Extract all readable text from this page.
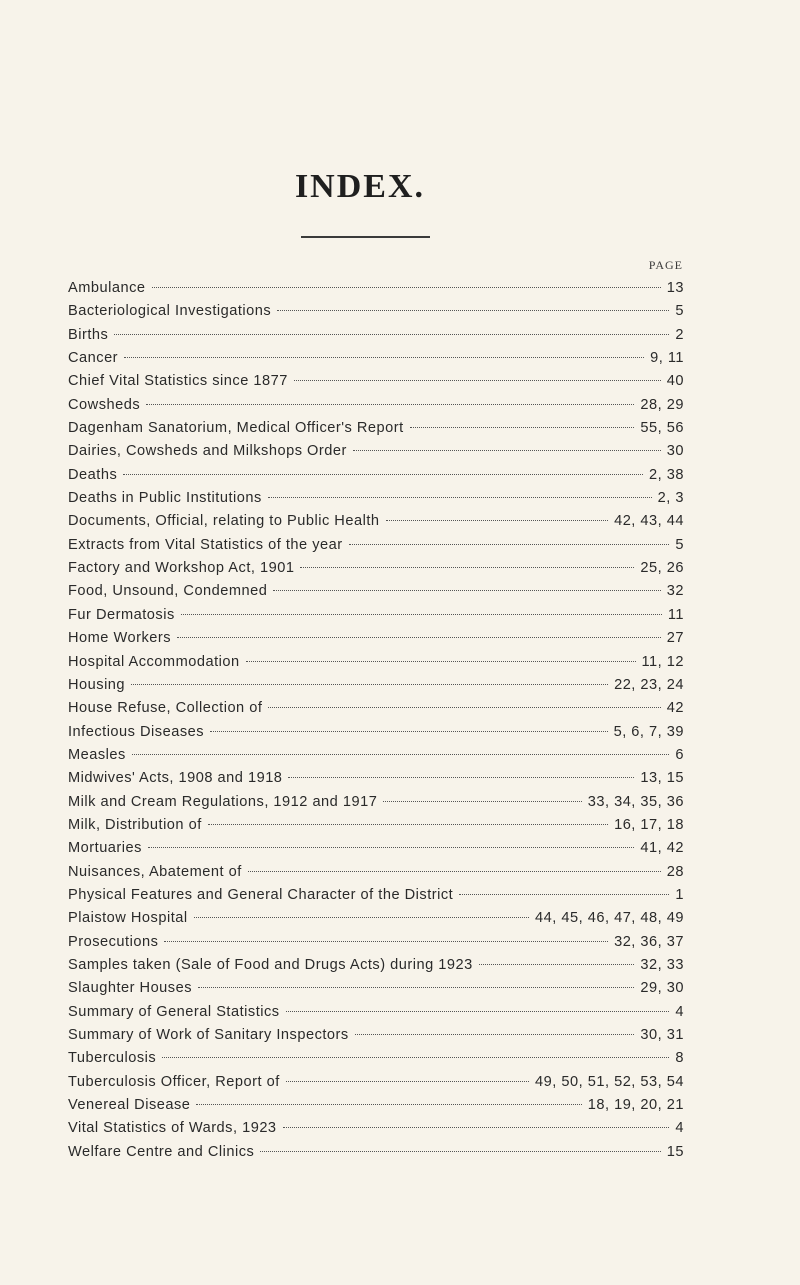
INDEX.
PAGE
Ambulance	13
Bacteriological Investigations	5
Births	2
Cancer	9, 11
Chief Vital Statistics since 1877	40
Cowsheds	28, 29
Dagenham Sanatorium, Medical Officer's Report	55, 56
Dairies, Cowsheds and Milkshops Order	30
Deaths	2, 38
Deaths in Public Institutions	2, 3
Documents, Official, relating to Public Health	42, 43, 44
Extracts from Vital Statistics of the year	5
Factory and Workshop Act, 1901	25, 26
Food, Unsound, Condemned	32
Fur Dermatosis	11
Home Workers	27
Hospital Accommodation	11, 12
Housing	22, 23, 24
House Refuse, Collection of	42
Infectious Diseases	5, 6, 7, 39
Measles	6
Midwives' Acts, 1908 and 1918	13, 15
Milk and Cream Regulations, 1912 and 1917	33, 34, 35, 36
Milk, Distribution of	16, 17, 18
Mortuaries	41, 42
Nuisances, Abatement of	28
Physical Features and General Character of the District	1
Plaistow Hospital	44, 45, 46, 47, 48, 49
Prosecutions	32, 36, 37
Samples taken (Sale of Food and Drugs Acts) during 1923	32, 33
Slaughter Houses	29, 30
Summary of General Statistics	4
Summary of Work of Sanitary Inspectors	30, 31
Tuberculosis	8
Tuberculosis Officer, Report of	49, 50, 51, 52, 53, 54
Venereal Disease	18, 19, 20, 21
Vital Statistics of Wards, 1923	4
Welfare Centre and Clinics	15
